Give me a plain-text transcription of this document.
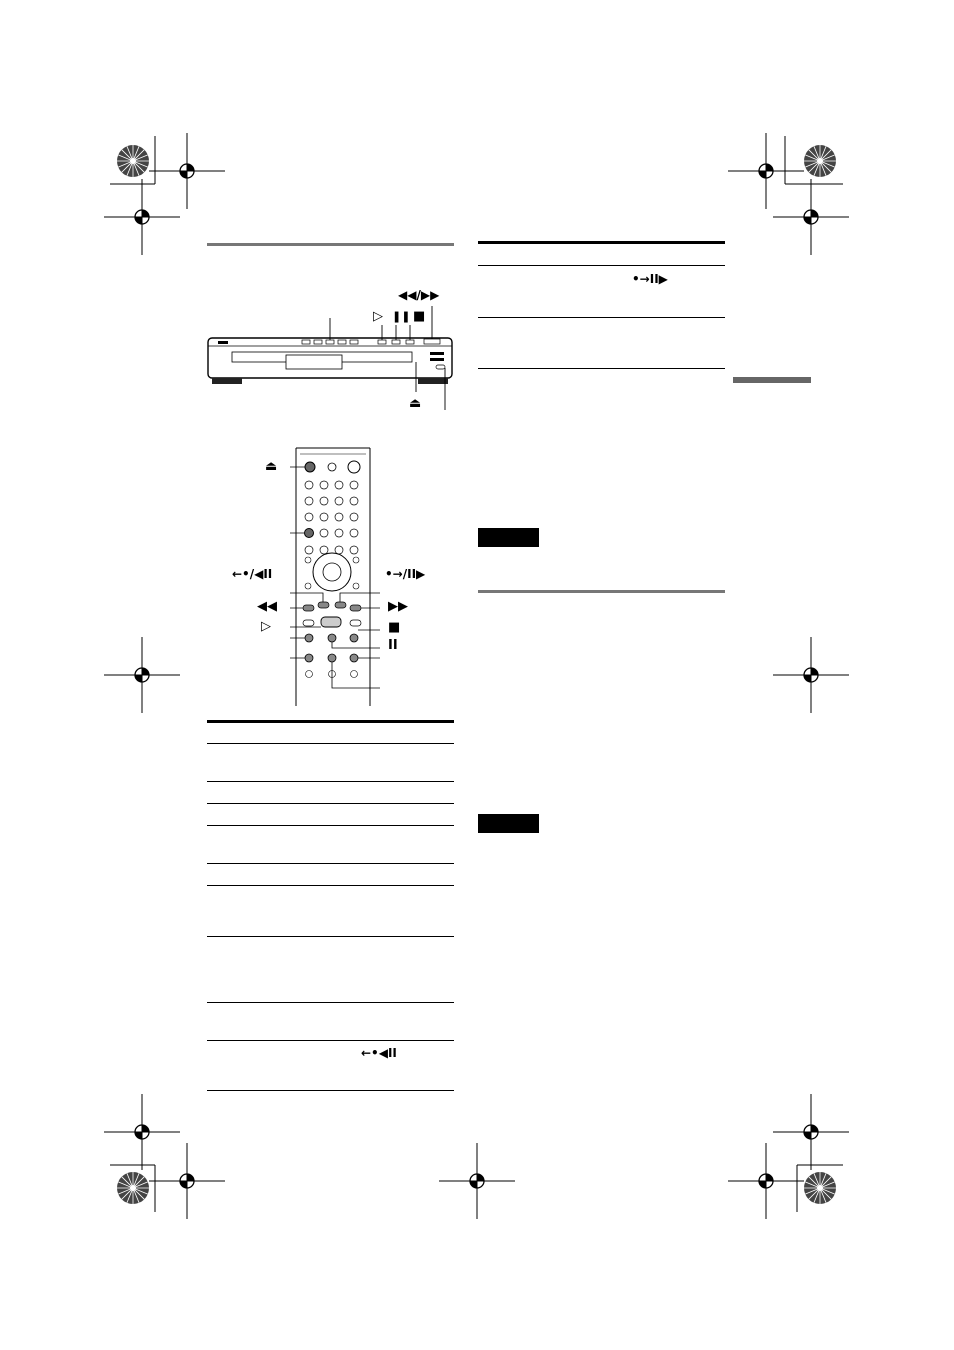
◀◀/▶▶
▷ ❚❚ ■
⏏
⏏
←•/◀II	•→/II▶
◀◀	▶▶
▷	■
II
←•◀II
•→II▶
